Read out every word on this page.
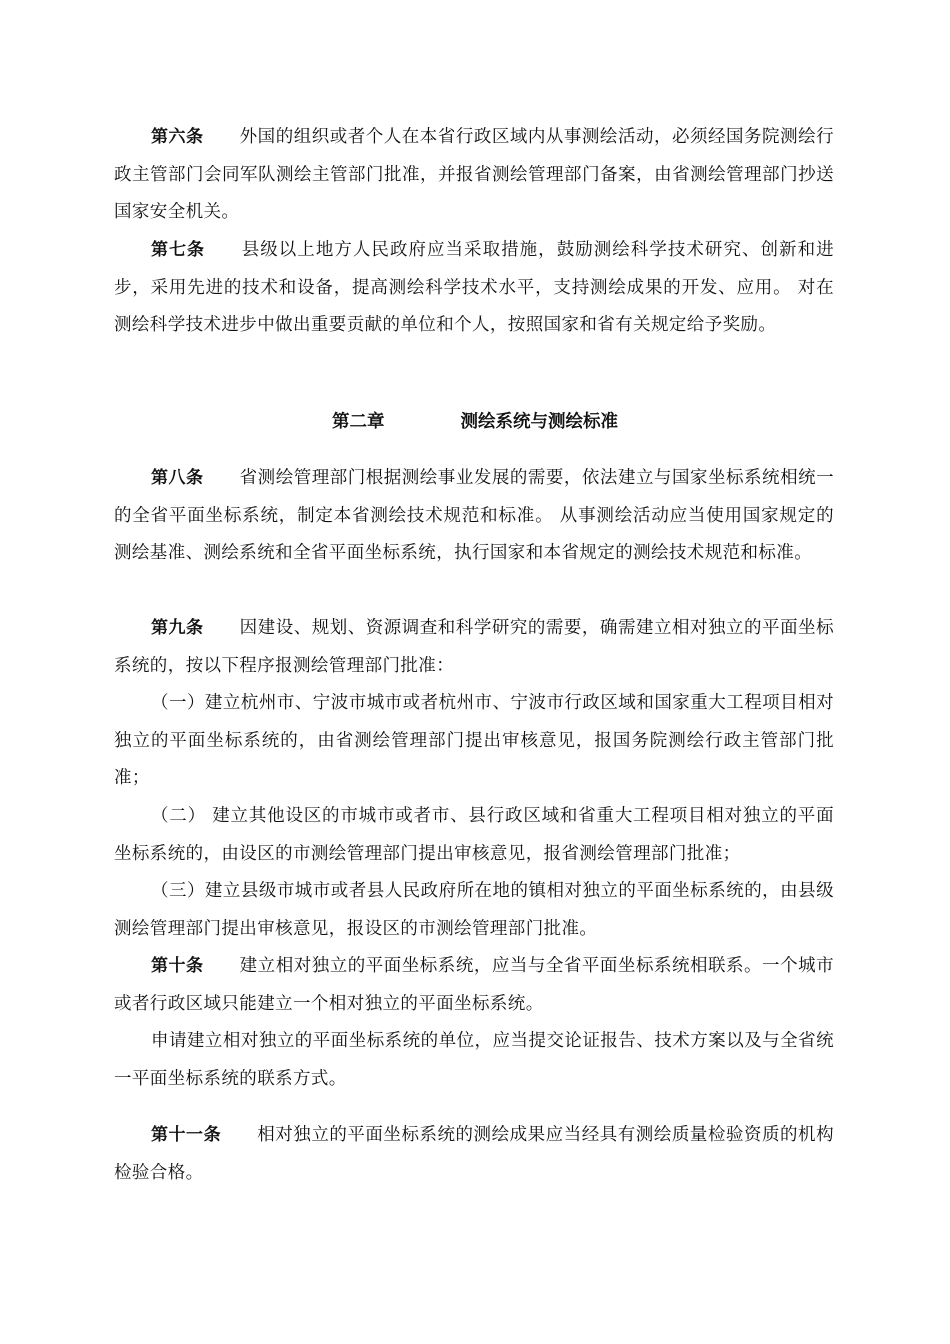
第六条 外国的组织或者个人在本省行政区域内从事测绘活动，必须经国务院测绘行政主管部门会同军队测绘主管部门批准，并报省测绘管理部门备案，由省测绘管理部门抄送国家安全机关。

第七条 县级以上地方人民政府应当采取措施，鼓励测绘科学技术研究、创新和进步，采用先进的技术和设备，提高测绘科学技术水平，支持测绘成果的开发、应用。 对在测绘科学技术进步中做出重要贡献的单位和个人，按照国家和省有关规定给予奖励。

第二章	测绘系统与测绘标准

第八条 省测绘管理部门根据测绘事业发展的需要，依法建立与国家坐标系统相统一的全省平面坐标系统，制定本省测绘技术规范和标准。 从事测绘活动应当使用国家规定的测绘基准、测绘系统和全省平面坐标系统，执行国家和本省规定的测绘技术规范和标准。

第九条 因建设、规划、资源调查和科学研究的需要，确需建立相对独立的平面坐标系统的，按以下程序报测绘管理部门批准：

（一）建立杭州市、宁波市城市或者杭州市、宁波市行政区域和国家重大工程项目相对独立的平面坐标系统的，由省测绘管理部门提出审核意见，报国务院测绘行政主管部门批准；

（二） 建立其他设区的市城市或者市、县行政区域和省重大工程项目相对独立的平面坐标系统的，由设区的市测绘管理部门提出审核意见，报省测绘管理部门批准；

（三）建立县级市城市或者县人民政府所在地的镇相对独立的平面坐标系统的，由县级测绘管理部门提出审核意见，报设区的市测绘管理部门批准。

第十条 建立相对独立的平面坐标系统，应当与全省平面坐标系统相联系。一个城市或者行政区域只能建立一个相对独立的平面坐标系统。

申请建立相对独立的平面坐标系统的单位，应当提交论证报告、技术方案以及与全省统一平面坐标系统的联系方式。

第十一条 相对独立的平面坐标系统的测绘成果应当经具有测绘质量检验资质的机构检验合格。
